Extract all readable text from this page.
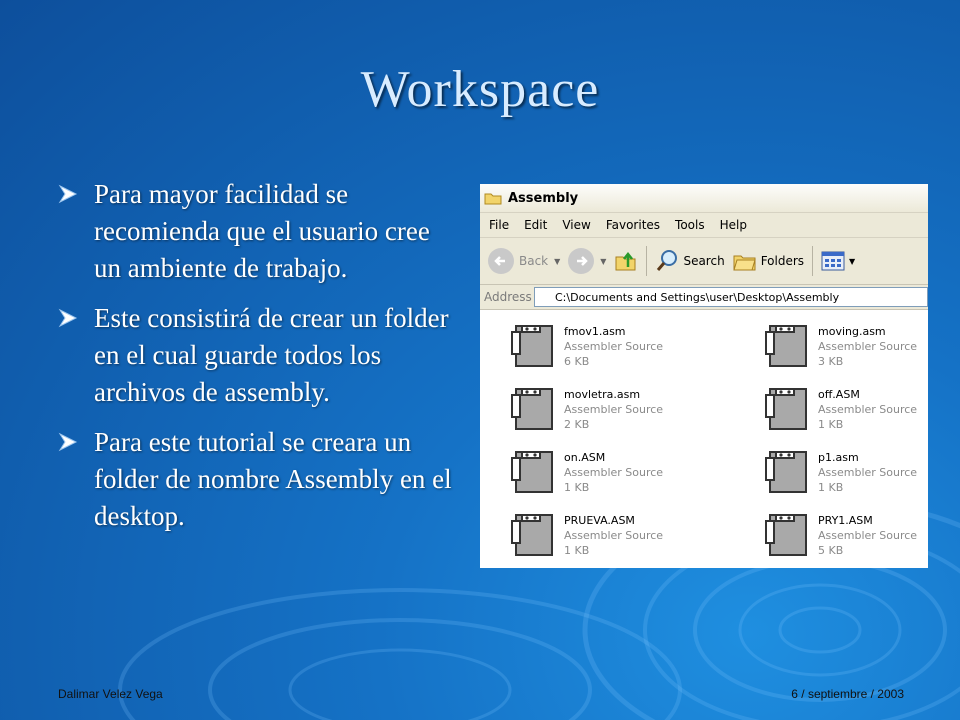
Workspace
Para mayor facilidad se recomienda que el usuario cree un ambiente de trabajo.
Este consistirá de crear un folder en el cual guarde todos los archivos de assembly.
Para este tutorial se creara un folder de nombre Assembly en el desktop.
Assembly
File Edit View Favorites Tools Help
Back ▼	▼	Search	Folders	▼
Address C:\Documents and Settings\user\Desktop\Assembly
fmov1.asm
Assembler Source
6 KB
moving.asm
Assembler Source
3 KB
movletra.asm
Assembler Source
2 KB
off.ASM
Assembler Source
1 KB
on.ASM
Assembler Source
1 KB
p1.asm
Assembler Source
1 KB
PRUEVA.ASM
Assembler Source
1 KB
PRY1.ASM
Assembler Source
5 KB
Dalimar Velez Vega	6 / septiembre / 2003
